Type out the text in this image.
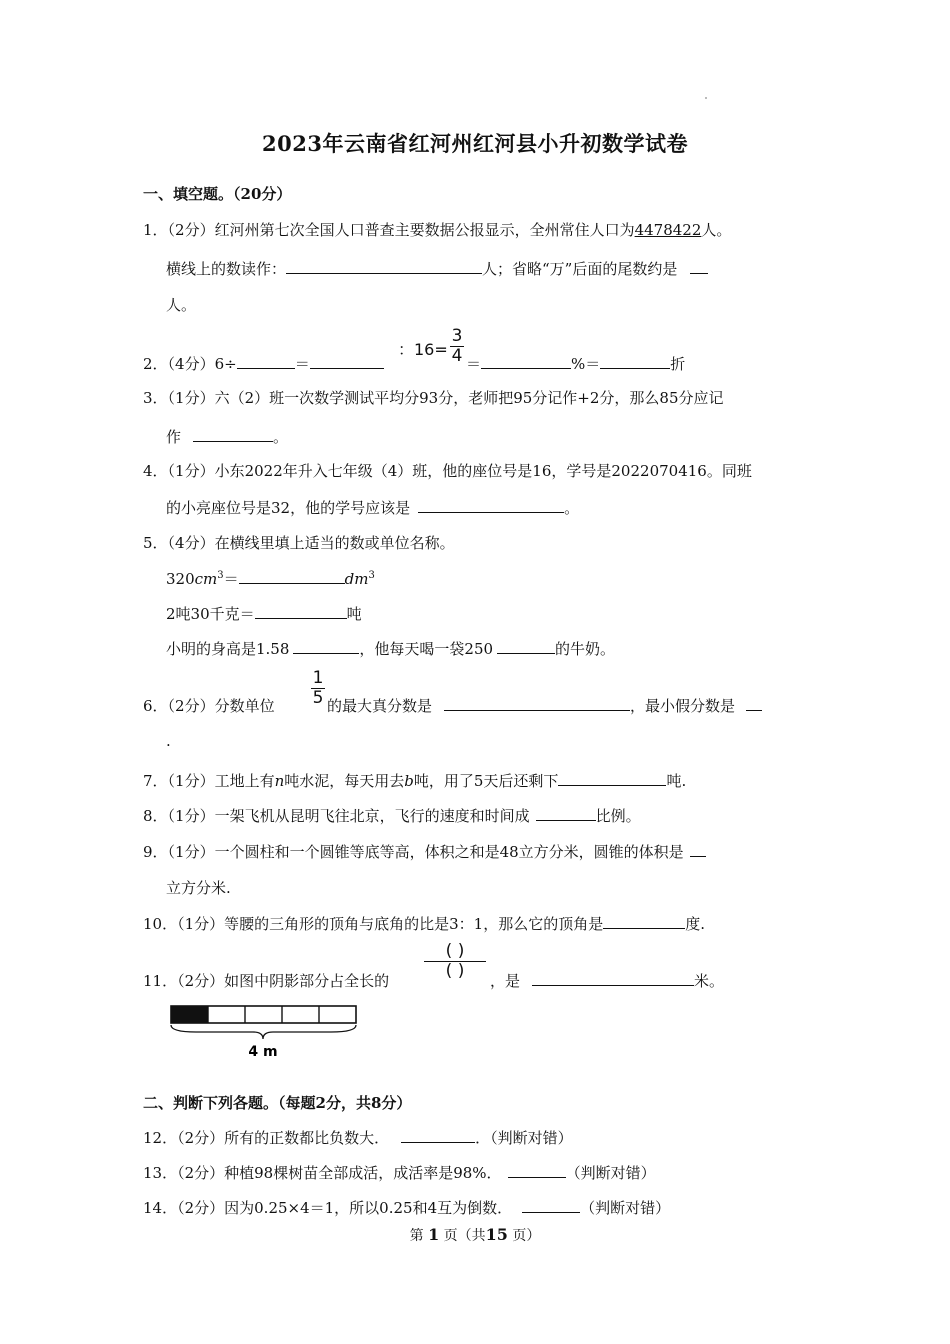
2023年云南省红河州红河县小升初数学试卷
一、填空题。（20分）
1．（2分）红河州第七次全国人口普查主要数据公报显示，全州常住人口为4478422人。
横线上的数读作：	人；省略“万”后面的尾数约是
人。
2．（4分）6÷	＝
：16=
3
4 ＝	%＝	折
3．（1分）六（2）班一次数学测试平均分93分，老师把95分记作+2分，那么85分应记
作	。
4．（1分）小东2022年升入七年级（4）班，他的座位号是16，学号是2022070416。同班
的小亮座位号是32，他的学号应该是	。
5．（4分）在横线里填上适当的数或单位名称。
$320cm^3=$	$dm^3$
2吨30千克＝	吨
小明的身高是1.58	，他每天喝一袋250	的牛奶。
6．（2分）分数单位
1
5 的最大真分数是	，最小假分数是
.
7．（1分）工地上有n吨水泥，每天用去b吨，用了5天后还剩下	吨.
8．（1分）一架飞机从昆明飞往北京，飞行的速度和时间成	比例。
9．（1分）一个圆柱和一个圆锥等底等高，体积之和是48立方分米，圆锥的体积是
立方分米.
10．（1分）等腰的三角形的顶角与底角的比是3：1，那么它的顶角是	度.
11．（2分）如图中阴影部分占全长的
( )
( )	，是	米。
4 m
二、判断下列各题。（每题2分，共8分）
12．（2分）所有的正数都比负数大．	．（判断对错）
13．（2分）种植98棵树苗全部成活，成活率是98%．	（判断对错）
14．（2分）因为0.25×4＝1，所以0.25和4互为倒数．	（判断对错）
第 1 页（共15 页）
